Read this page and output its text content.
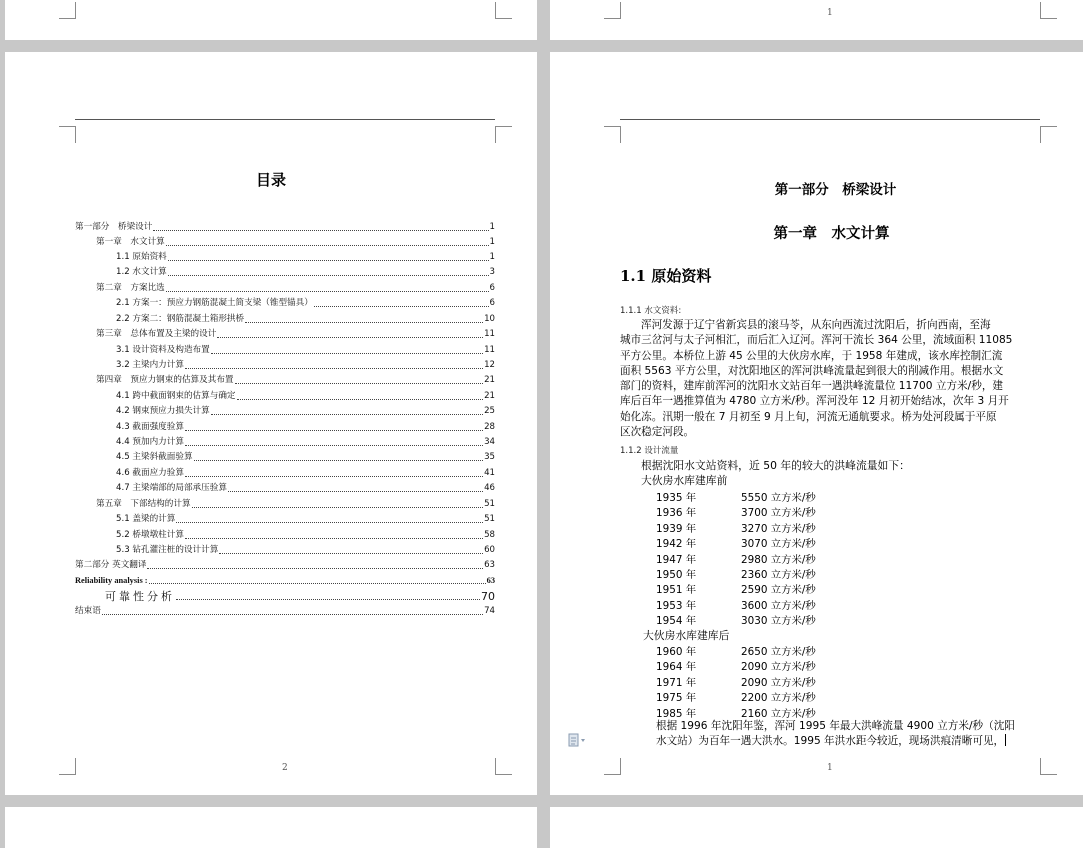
1
目录
第一部分　桥梁设计	1
第一章　水文计算	1
1.1 原始资料	1
1.2 水文计算	3
第二章　方案比选	6
2.1 方案一：预应力钢筋混凝土简支梁（锥型锚具）	6
2.2 方案二：钢筋混凝土箱形拱桥	10
第三章　总体布置及主梁的设计	11
3.1 设计资料及构造布置	11
3.2 主梁内力计算	12
第四章　预应力钢束的估算及其布置	21
4.1 跨中截面钢束的估算与确定	21
4.2 钢束预应力损失计算	25
4.3 截面强度验算	28
4.4 预加内力计算	34
4.5 主梁斜截面验算	35
4.6 截面应力验算	41
4.7 主梁端部的局部承压验算	46
第五章　下部结构的计算	51
5.1 盖梁的计算	51
5.2 桥墩墩柱计算	58
5.3 钻孔灌注桩的设计计算	60
第二部分 英文翻译	63
Reliability analysis :	63
可靠性分析	70
结束语	74
2
第一部分　桥梁设计
第一章　水文计算
1.1 原始资料
1.1.1 水文资料:
浑河发源于辽宁省新宾县的滚马苓，从东向西流过沈阳后，折向西南，至海
城市三岔河与太子河相汇，而后汇入辽河。浑河干流长 364 公里，流域面积 11085
平方公里。本桥位上游 45 公里的大伙房水库，于 1958 年建成，该水库控制汇流
面积 5563 平方公里，对沈阳地区的浑河洪峰流量起到很大的削减作用。根据水文
部门的资料，建库前浑河的沈阳水文站百年一遇洪峰流量位 11700 立方米/秒，建
库后百年一遇推算值为 4780 立方米/秒。浑河没年 12 月初开始结冰，次年 3 月开
始化冻。汛期一般在 7 月初至 9 月上旬，河流无通航要求。桥为处河段属于平原
区次稳定河段。
1.1.2 设计流量
根据沈阳水文站资料，近 50 年的较大的洪峰流量如下：
大伙房水库建库前
1935 年	5550 立方米/秒
1936 年	3700 立方米/秒
1939 年	3270 立方米/秒
1942 年	3070 立方米/秒
1947 年	2980 立方米/秒
1950 年	2360 立方米/秒
1951 年	2590 立方米/秒
1953 年	3600 立方米/秒
1954 年	3030 立方米/秒
大伙房水库建库后
1960 年	2650 立方米/秒
1964 年	2090 立方米/秒
1971 年	2090 立方米/秒
1975 年	2200 立方米/秒
1985 年	2160 立方米/秒
根据 1996 年沈阳年鉴，浑河 1995 年最大洪峰流量 4900 立方米/秒（沈阳
水文站）为百年一遇大洪水。1995 年洪水距今较近，现场洪痕清晰可见，
1
